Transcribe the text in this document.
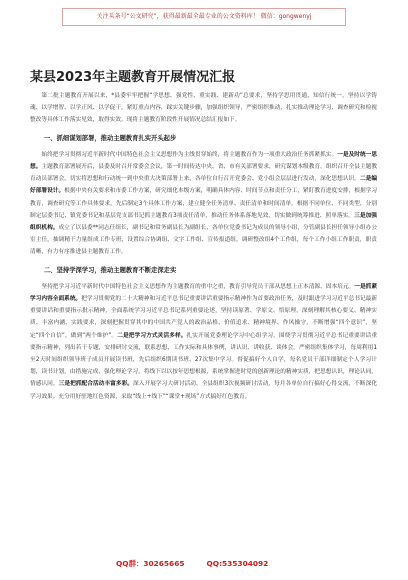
关注头条号“公文研究”，获得最新最全最专业的公文资料库！ 微信：gongwenyj
某县2023年主题教育开展情况汇报

第二批主题教育开展以来，*县委牢牢把握“学思想、强党性、重实践、建新功”总要求，坚持学思用贯通、知信行统一，坚持以学铸魂、以学增智、以学正风、以学促干，紧盯重点内容，踩实关键步骤，加强组织领导，严密组织推动，扎实推动理论学习、调查研究和检视整改等具体工作落实见效，取得实效。现将主题教育阶段性开展情况总结汇报如下。

一、抓细谋划部署，推动主题教育扎实开头起步

始终把学习贯彻习近平新时代中国特色社会主义思想作为主线贯穿始终，将主题教育作为一项重大政治任务抓紧抓实。一是及时统一思想。主题教育部署展开后，县委及时召开常委会会议，第一时间传达中央、省、市有关部署要求，研究谋划本级教育。组织召开全县主题教育动员部署会，切实将思想和行动统一到中央重大决策部署上来，各单位自行召开党委会、党小组会层层进行发动，深化思想认识。二是编好部署设计。根据中央有关要求和市委工作方案，研究细化本级方案，明确具体内容、时间节点和责任分工，紧盯教育进度安排，根据学习教育，调查研究等工作具体要求，先后制定3个具体工作方案，建立健全任务清单、责任清单和时间清单，根据不同单位、不同类型，分别制定层委书记、镇党委书记和基层党支部书记抓主题教育3项责任清单，推动任务体系落地见效，切实做到统筹推进、照单落实。三是加强组织机构。成立了以县委**同志任组长，副书记和常务副县长为副组长，各单位党委书记为成员的领导小组，分管副县长担任领导小组办公室主任，抽调精干力量组成工作专班，设置综合协调组、文字工作组、宣传报道组，调研整改组4个工作组，每个工作小组工作职责，职责清晰，有力有序推进县主题教育工作。

二、坚持学深学习，推动主题教育不断走深走实

坚持把学习习近平新时代中国特色社会主义思想作为主题教育的重中之重，教育引导党员干部从思想上正本清源、固本培元。一是抓紧学习内容全面系统。把学习贯彻党的二十大精神和习近平总书记重要讲话重要指示精神作为首要政治任务，及时跟进学习习近平总书记最新重要讲话和重要指示批示精神，全面系统学习习近平总书记系列重要论述，坚持读原著、学原文、悟原理，深刻理解其核心要义、精神实质、丰富内涵、实践要求，深刻把握贯穿其中的中国共产党人的政治品格、价值追求、精神境界、作风操守，不断增强“四个意识”，坚定“四个自信”，做到“两个维护”。二是把学习方式灵活多样。扎实开展党委理论学习中心组学习，围绕学习贯彻习近平总书记重要讲话重要指示精神，列出若干专题，安排研讨交流，联系思想、工作实际和具体事例，讲认识、讲收获、谈体会。严密组织集体学习，每周利用1至2天时间组织领导班子成员开展读书班，先后组织6期读书班、27次集中学习。督促搞好个人自学，每名党员干部详细制定个人学习计划，读书计划，由措施完成，强化理论学习，将线下以以按年思想根源，系统掌握进时党的创新理论的精神实质，把思想认识，理论认同，情感认同。三是把抓配合活动丰富多彩。深入开展学习大研讨活动，全县组织3次视频研讨活动，每月各单位自行搞好心得交流，不断深化学习效果。充分用好驻地红色资源，采取“线上+线下”“课堂+现场”方式搞好红色教育。

QQ群：30265665	QQ:535304092
